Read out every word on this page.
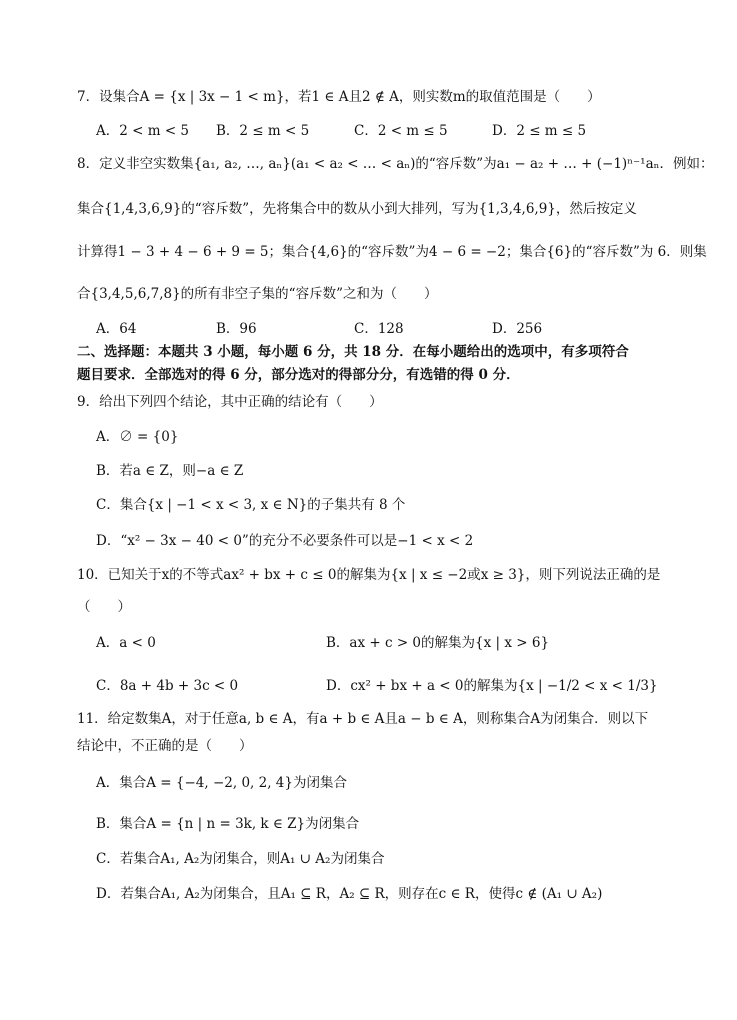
7．设集合A = {x | 3x − 1 < m}，若1 ∈ A且2 ∉ A，则实数m的取值范围是（　　）
A．2 < m < 5 B．2 ≤ m < 5	C．2 < m ≤ 5	D．2 ≤ m ≤ 5
8．定义非空实数集{a₁, a₂, …, aₙ}(a₁ < a₂ < … < aₙ)的“容斥数”为a₁ − a₂ + … + (−1)ⁿ⁻¹aₙ．例如：
集合{1,4,3,6,9}的“容斥数”，先将集合中的数从小到大排列，写为{1,3,4,6,9}，然后按定义
计算得1 − 3 + 4 − 6 + 9 = 5；集合{4,6}的“容斥数”为4 − 6 = −2；集合{6}的“容斥数”为 6．则集
合{3,4,5,6,7,8}的所有非空子集的“容斥数”之和为（　　）
A．64	B．96	C．128	D．256
二、选择题：本题共 3 小题，每小题 6 分，共 18 分．在每小题给出的选项中，有多项符合
题目要求．全部选对的得 6 分，部分选对的得部分分，有选错的得 0 分．
9．给出下列四个结论，其中正确的结论有（　　）
A．∅ = {0}
B．若a ∈ Z，则−a ∈ Z
C．集合{x | −1 < x < 3, x ∈ N}的子集共有 8 个
D．“x² − 3x − 40 < 0”的充分不必要条件可以是−1 < x < 2
10．已知关于x的不等式ax² + bx + c ≤ 0的解集为{x | x ≤ −2或x ≥ 3}，则下列说法正确的是
（　　）
A．a < 0	B．ax + c > 0的解集为{x | x > 6}
C．8a + 4b + 3c < 0	D．cx² + bx + a < 0的解集为{x | −1/2 < x < 1/3}
11．给定数集A，对于任意a, b ∈ A，有a + b ∈ A且a − b ∈ A，则称集合A为闭集合．则以下
结论中，不正确的是（　　）
A．集合A = {−4, −2, 0, 2, 4}为闭集合
B．集合A = {n | n = 3k, k ∈ Z}为闭集合
C．若集合A₁, A₂为闭集合，则A₁ ∪ A₂为闭集合
D．若集合A₁, A₂为闭集合，且A₁ ⊆ R，A₂ ⊆ R，则存在c ∈ R，使得c ∉ (A₁ ∪ A₂)
